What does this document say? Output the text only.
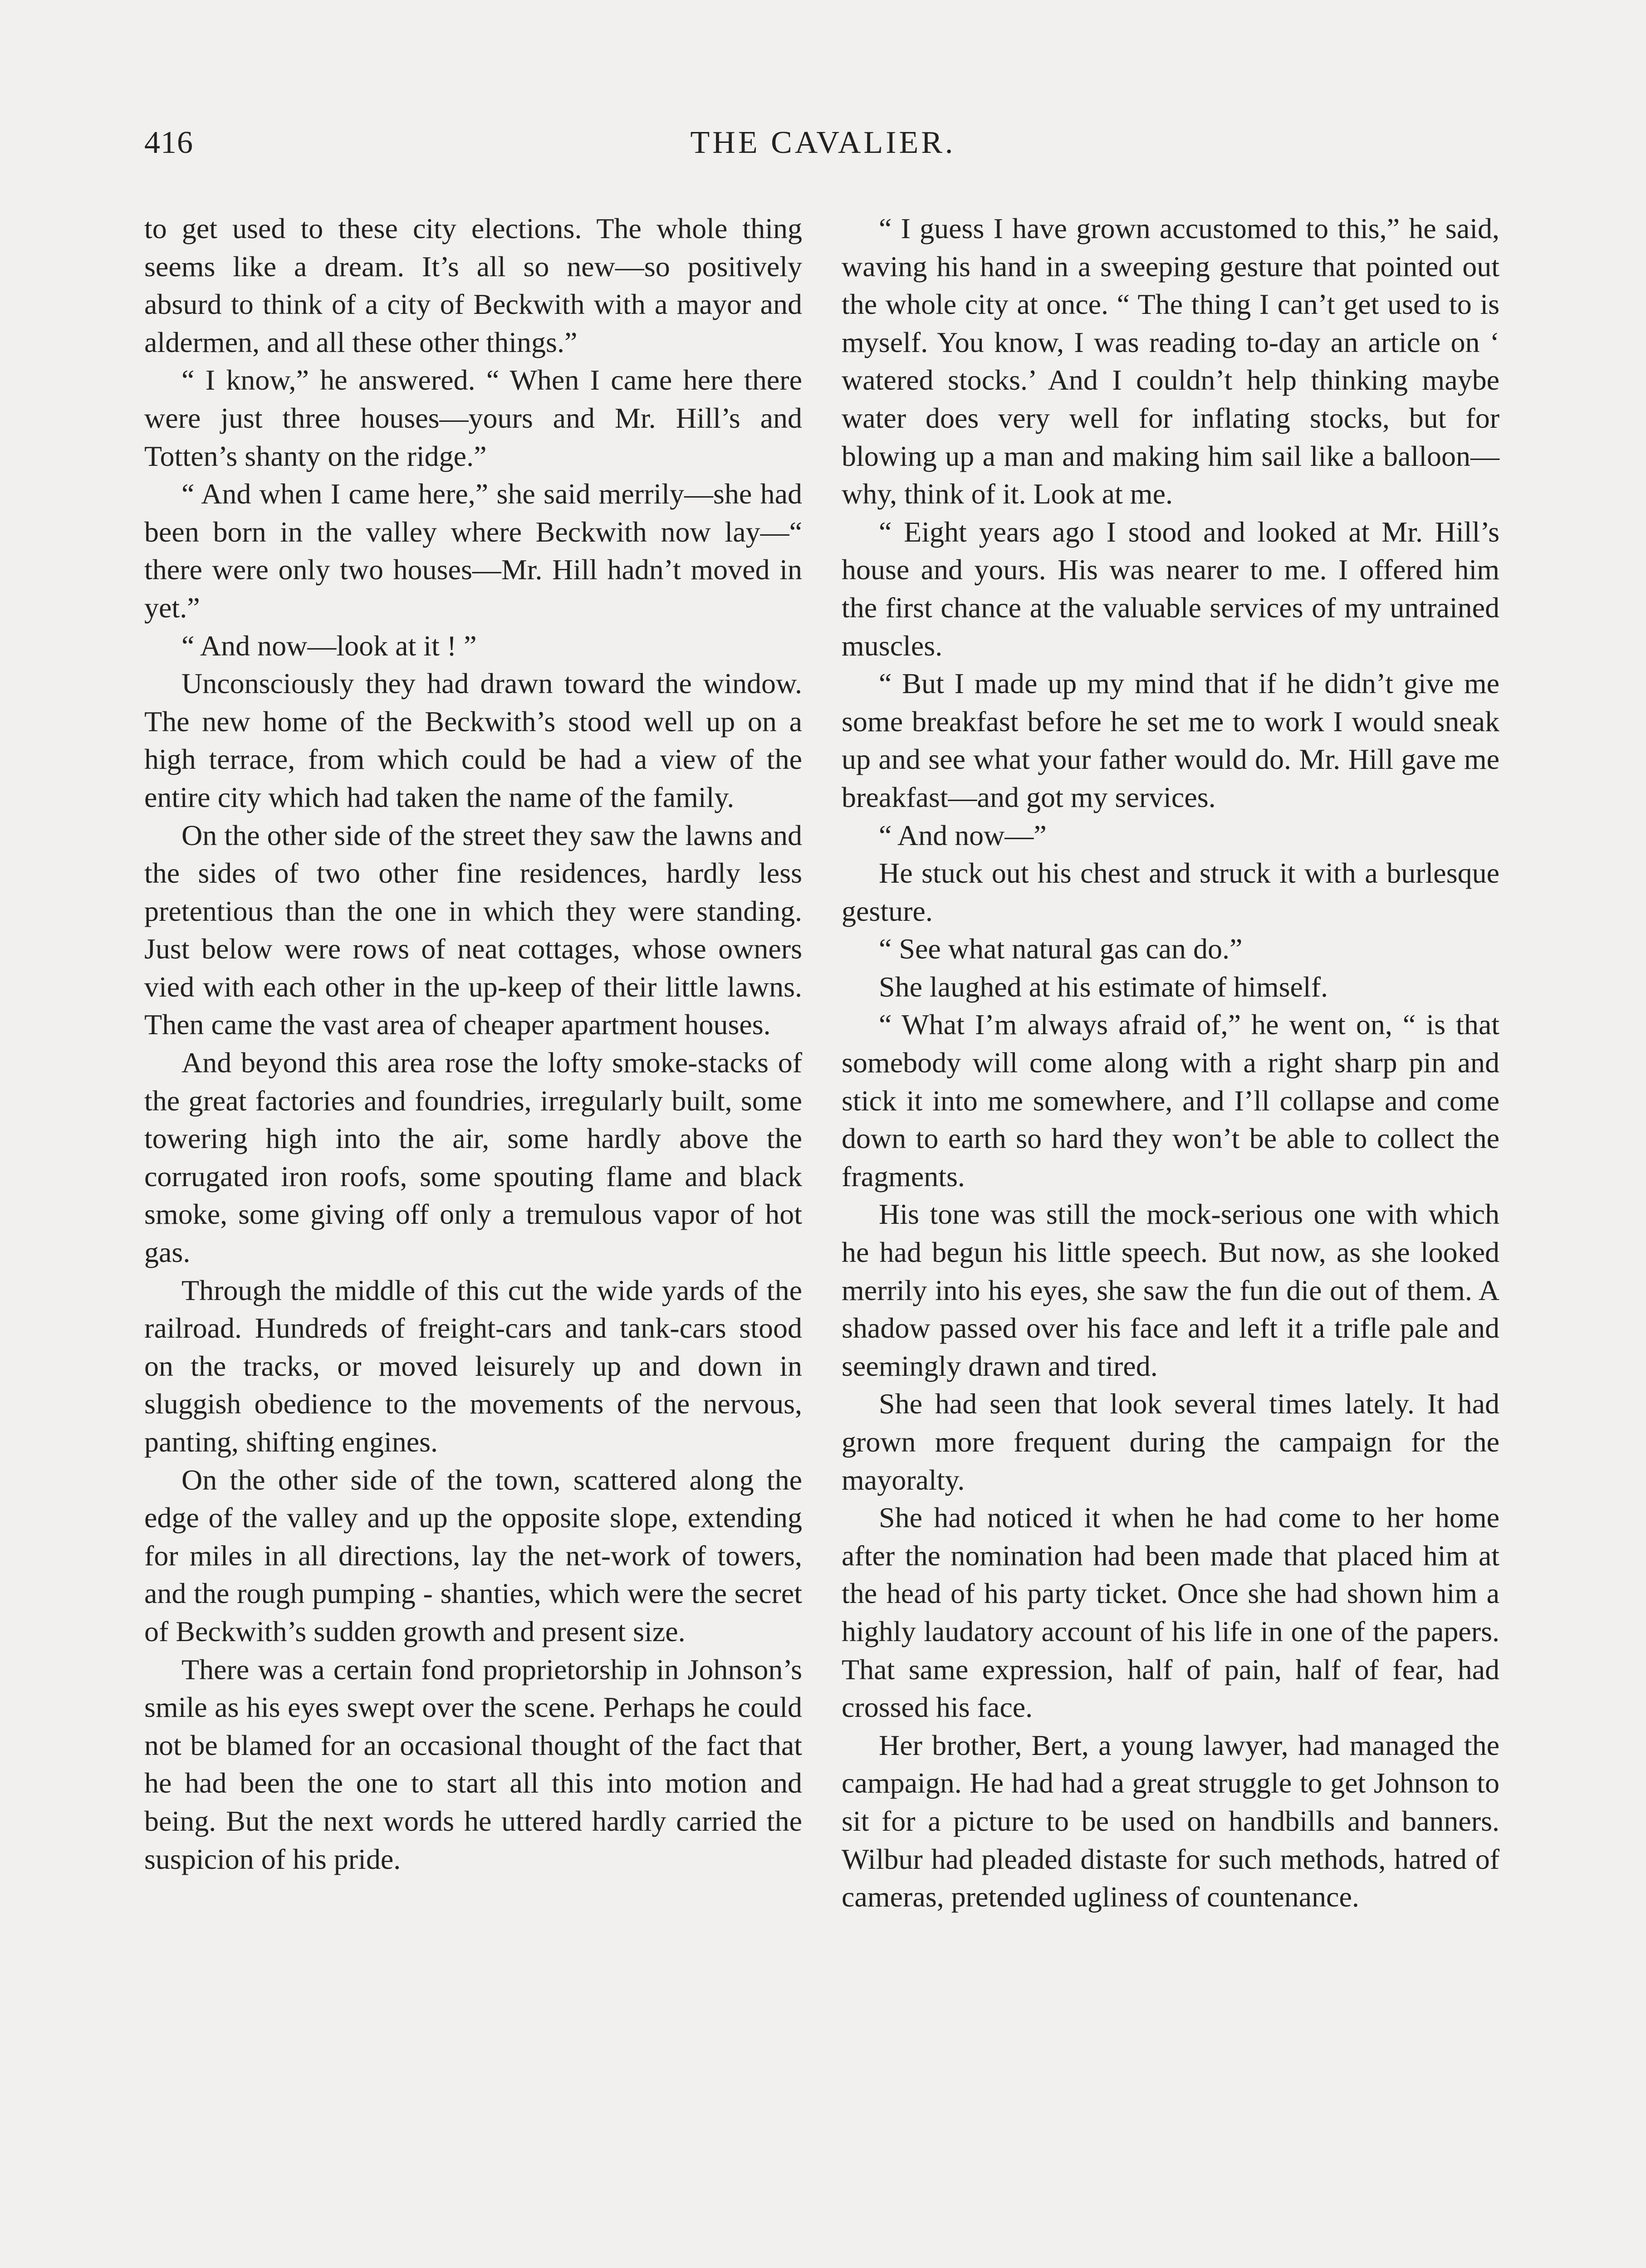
416	THE CAVALIER.

to get used to these city elections. The whole thing seems like a dream. It’s all so new—so positively absurd to think of a city of Beckwith with a mayor and aldermen, and all these other things.”

“ I know,” he answered. “ When I came here there were just three houses—yours and Mr. Hill’s and Totten’s shanty on the ridge.”

“ And when I came here,” she said merrily—she had been born in the valley where Beckwith now lay—“ there were only two houses—Mr. Hill hadn’t moved in yet.”

“ And now—look at it ! ”

Unconsciously they had drawn toward the window. The new home of the Beckwith’s stood well up on a high terrace, from which could be had a view of the entire city which had taken the name of the family.

On the other side of the street they saw the lawns and the sides of two other fine residences, hardly less pretentious than the one in which they were standing. Just below were rows of neat cottages, whose owners vied with each other in the up-keep of their little lawns. Then came the vast area of cheaper apartment houses.

And beyond this area rose the lofty smoke-stacks of the great factories and foundries, irregularly built, some towering high into the air, some hardly above the corrugated iron roofs, some spouting flame and black smoke, some giving off only a tremulous vapor of hot gas.

Through the middle of this cut the wide yards of the railroad. Hundreds of freight-cars and tank-cars stood on the tracks, or moved leisurely up and down in sluggish obedience to the movements of the nervous, panting, shifting engines.

On the other side of the town, scattered along the edge of the valley and up the opposite slope, extending for miles in all directions, lay the net-work of towers, and the rough pumping - shanties, which were the secret of Beckwith’s sudden growth and present size.

There was a certain fond proprietorship in Johnson’s smile as his eyes swept over the scene. Perhaps he could not be blamed for an occasional thought of the fact that he had been the one to start all this into motion and being. But the next words he uttered hardly carried the suspicion of his pride.

“ I guess I have grown accustomed to this,” he said, waving his hand in a sweeping gesture that pointed out the whole city at once. “ The thing I can’t get used to is myself. You know, I was reading to-day an article on ‘ watered stocks.’ And I couldn’t help thinking maybe water does very well for inflating stocks, but for blowing up a man and making him sail like a balloon—why, think of it. Look at me.

“ Eight years ago I stood and looked at Mr. Hill’s house and yours. His was nearer to me. I offered him the first chance at the valuable services of my untrained muscles.

“ But I made up my mind that if he didn’t give me some breakfast before he set me to work I would sneak up and see what your father would do. Mr. Hill gave me breakfast—and got my services.

“ And now—”

He stuck out his chest and struck it with a burlesque gesture.

“ See what natural gas can do.”

She laughed at his estimate of himself.

“ What I’m always afraid of,” he went on, “ is that somebody will come along with a right sharp pin and stick it into me somewhere, and I’ll collapse and come down to earth so hard they won’t be able to collect the fragments.

His tone was still the mock-serious one with which he had begun his little speech. But now, as she looked merrily into his eyes, she saw the fun die out of them. A shadow passed over his face and left it a trifle pale and seemingly drawn and tired.

She had seen that look several times lately. It had grown more frequent during the campaign for the mayoralty.

She had noticed it when he had come to her home after the nomination had been made that placed him at the head of his party ticket. Once she had shown him a highly laudatory account of his life in one of the papers. That same expression, half of pain, half of fear, had crossed his face.

Her brother, Bert, a young lawyer, had managed the campaign. He had had a great struggle to get Johnson to sit for a picture to be used on handbills and banners. Wilbur had pleaded distaste for such methods, hatred of cameras, pretended ugliness of countenance.
